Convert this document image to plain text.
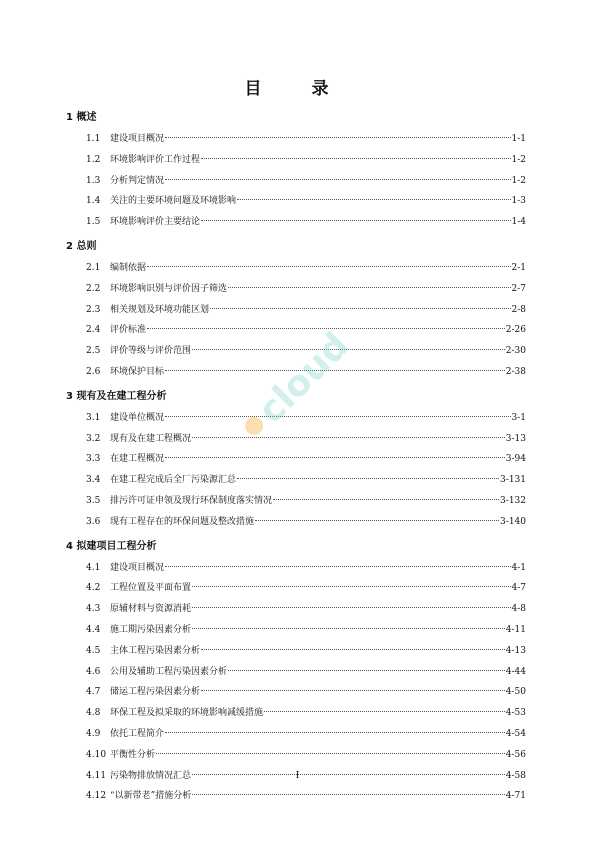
目 录
1 概述
1.1	建设项目概况	1-1
1.2	环境影响评价工作过程	1-2
1.3	分析判定情况	1-2
1.4	关注的主要环境问题及环境影响	1-3
1.5	环境影响评价主要结论	1-4
2 总则
2.1	编制依据	2-1
2.2	环境影响识别与评价因子筛选	2-7
2.3	相关规划及环境功能区划	2-8
2.4	评价标准	2-26
2.5	评价等级与评价范围	2-30
2.6	环境保护目标	2-38
3 现有及在建工程分析
3.1	建设单位概况	3-1
3.2	现有及在建工程概况	3-13
3.3	在建工程概况	3-94
3.4	在建工程完成后全厂污染源汇总	3-131
3.5	排污许可证申领及现行环保制度落实情况	3-132
3.6	现有工程存在的环保问题及整改措施	3-140
4 拟建项目工程分析
4.1	建设项目概况	4-1
4.2	工程位置及平面布置	4-7
4.3	原辅材料与资源消耗	4-8
4.4	施工期污染因素分析	4-11
4.5	主体工程污染因素分析	4-13
4.6	公用及辅助工程污染因素分析	4-44
4.7	储运工程污染因素分析	4-50
4.8	环保工程及拟采取的环境影响减缓措施	4-53
4.9	依托工程简介	4-54
4.10 平衡性分析	4-56
4.11 污染物排放情况汇总	4-58
4.12 “以新带老”措施分析	4-71
cloud
I
